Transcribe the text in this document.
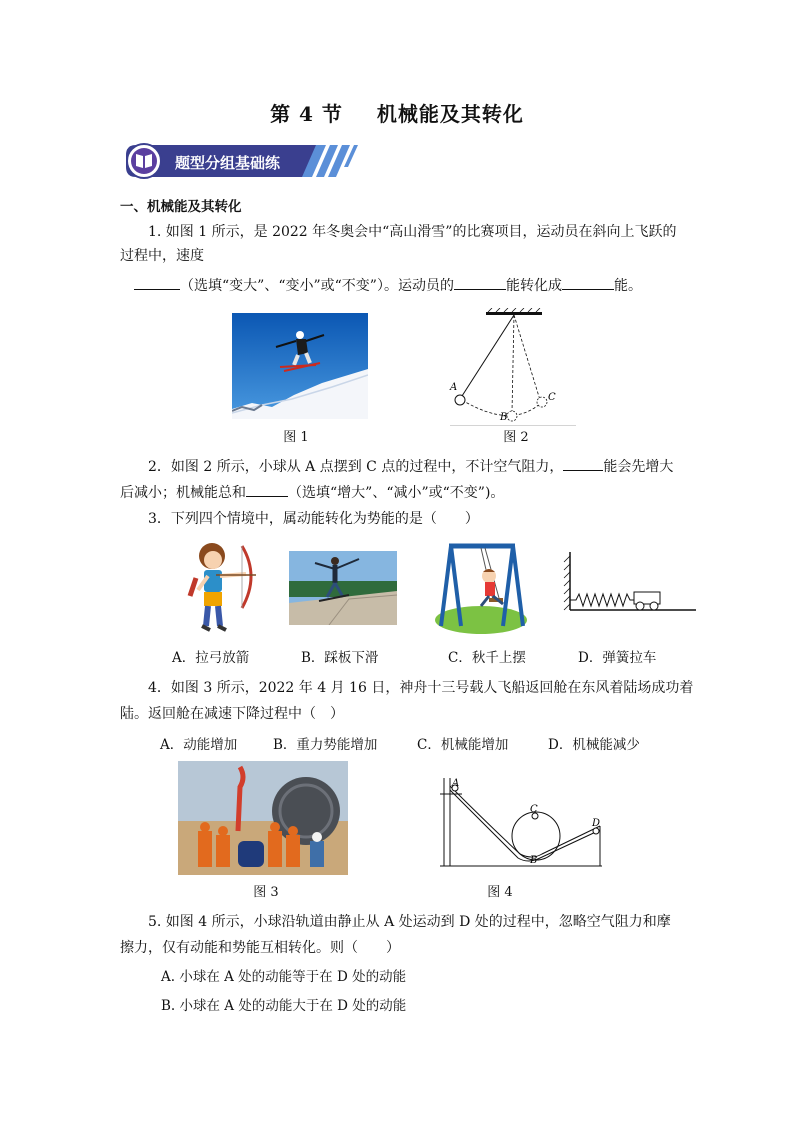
第 4 节 机械能及其转化
题型分组基础练
一、机械能及其转化
1. 如图 1 所示，是 2022 年冬奥会中“高山滑雪”的比赛项目，运动员在斜向上飞跃的
过程中，速度
（选填“变大”、“变小”或“不变”）。运动员的	能转化成	能。
图 1
A
B
C
图 2
2．如图 2 所示，小球从 A 点摆到 C 点的过程中，不计空气阻力，	能会先增大
后减小；机械能总和	（选填“增大”、“减小”或“不变”)。
3．下列四个情境中，属动能转化为势能的是（　　）
A．拉弓放箭	B．踩板下滑	C．秋千上摆	D．弹簧拉车
4．如图 3 所示，2022 年 4 月 16 日，神舟十三号载人飞船返回舱在东风着陆场成功着
陆。返回舱在减速下降过程中（　）
A．动能增加	B．重力势能增加	C．机械能增加	D．机械能减少
图 3
A
B
C
D
图 4
5. 如图 4 所示，小球沿轨道由静止从 A 处运动到 D 处的过程中，忽略空气阻力和摩
擦力，仅有动能和势能互相转化。则（　　）
A. 小球在 A 处的动能等于在 D 处的动能
B. 小球在 A 处的动能大于在 D 处的动能
